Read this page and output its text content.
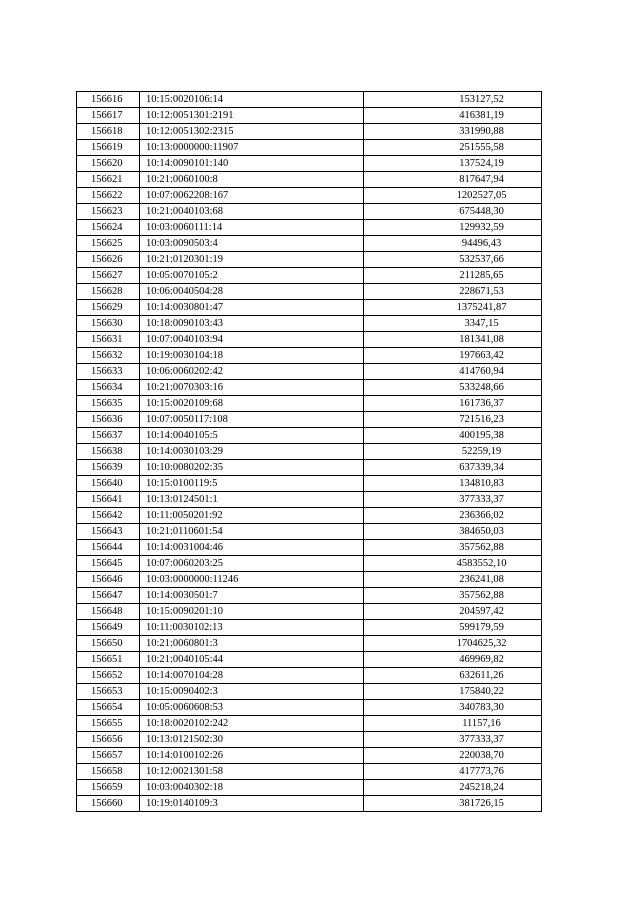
156616	10:15:0020106:14	153127,52
156617	10:12:0051301:2191	416381,19
156618	10:12:0051302:2315	331990,88
156619	10:13:0000000:11907	251555,58
156620	10:14:0090101:140	137524,19
156621	10:21:0060100:8	817647,94
156622	10:07:0062208:167	1202527,05
156623	10:21:0040103:68	675448,30
156624	10:03:0060111:14	129932,59
156625	10:03:0090503:4	94496,43
156626	10:21:0120301:19	532537,66
156627	10:05:0070105:2	211285,65
156628	10:06:0040504:28	228671,53
156629	10:14:0030801:47	1375241,87
156630	10:18:0090103:43	3347,15
156631	10:07:0040103:94	181341,08
156632	10:19:0030104:18	197663,42
156633	10:06:0060202:42	414760,94
156634	10:21:0070303:16	533248,66
156635	10:15:0020109:68	161736,37
156636	10:07:0050117:108	721516,23
156637	10:14:0040105:5	400195,38
156638	10:14:0030103:29	52259,19
156639	10:10:0080202:35	637339,34
156640	10:15:0100119:5	134810,83
156641	10:13:0124501:1	377333,37
156642	10:11:0050201:92	236366,02
156643	10:21:0110601:54	384650,03
156644	10:14:0031004:46	357562,88
156645	10:07:0060203:25	4583552,10
156646	10:03:0000000:11246	236241,08
156647	10:14:0030501:7	357562,88
156648	10:15:0090201:10	204597,42
156649	10:11:0030102:13	599179,59
156650	10:21:0060801:3	1704625,32
156651	10:21:0040105:44	469969,82
156652	10:14:0070104:28	632611,26
156653	10:15:0090402:3	175840,22
156654	10:05:0060608:53	340783,30
156655	10:18:0020102:242	11157,16
156656	10:13:0121502:30	377333,37
156657	10:14:0100102:26	220038,70
156658	10:12:0021301:58	417773,76
156659	10:03:0040302:18	245218,24
156660	10:19:0140109:3	381726,15
